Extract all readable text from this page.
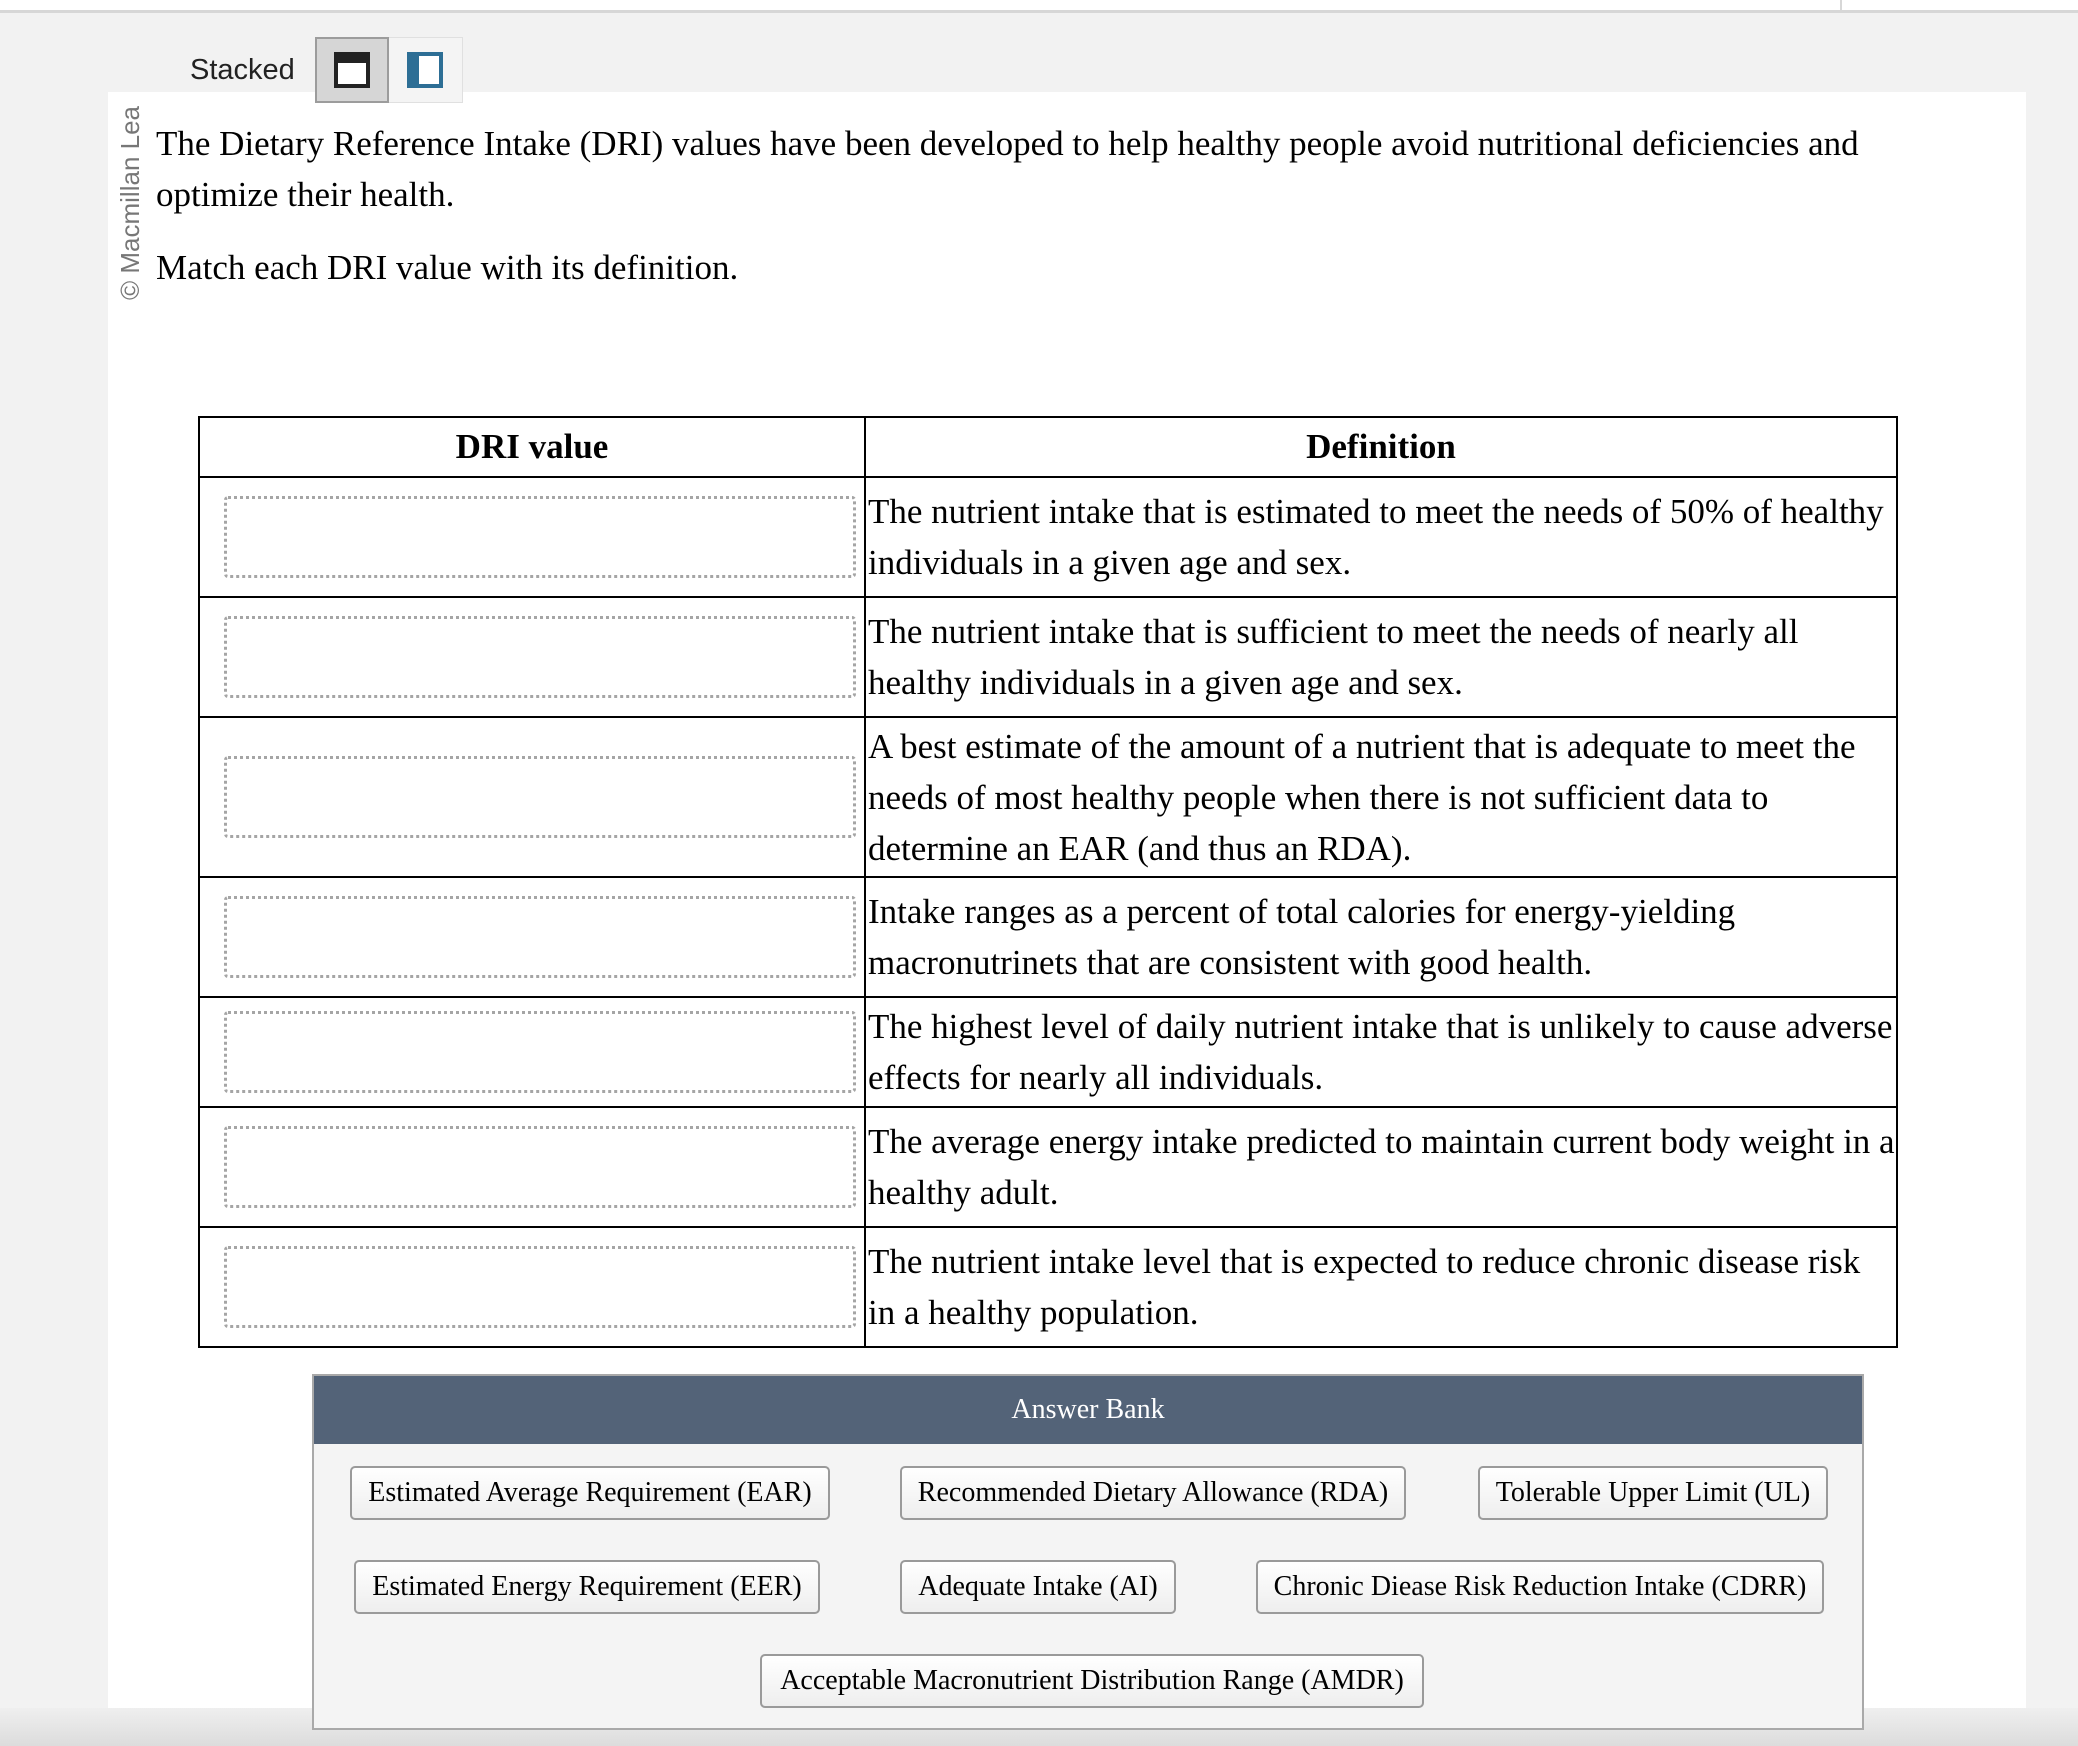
Stacked
© Macmillan Lea The Dietary Reference Intake (DRI) values have been developed to help healthy people avoid nutritional deficiencies and optimize their health.

Match each DRI value with its definition.

DRI value	Definition

	The nutrient intake that is estimated to meet the needs of 50% of healthy individuals in a given age and sex.

	The nutrient intake that is sufficient to meet the needs of nearly all healthy individuals in a given age and sex.

	A best estimate of the amount of a nutrient that is adequate to meet the needs of most healthy people when there is not sufficient data to determine an EAR (and thus an RDA).

	Intake ranges as a percent of total calories for energy-yielding macronutrinets that are consistent with good health.

	The highest level of daily nutrient intake that is unlikely to cause adverse effects for nearly all individuals.

	The average energy intake predicted to maintain current body weight in a healthy adult.

	The nutrient intake level that is expected to reduce chronic disease risk in a healthy population.
Answer Bank
Estimated Average Requirement (EAR)	Recommended Dietary Allowance (RDA)	Tolerable Upper Limit (UL)
Estimated Energy Requirement (EER)	Adequate Intake (AI)	Chronic Diease Risk Reduction Intake (CDRR)
Acceptable Macronutrient Distribution Range (AMDR)
